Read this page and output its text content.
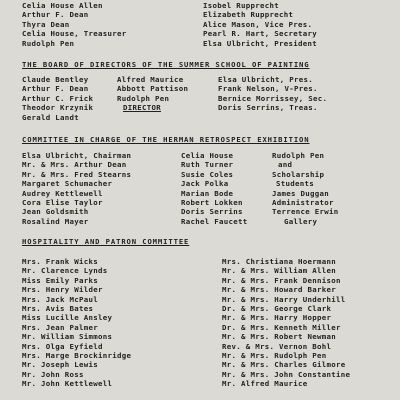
Celia House Allen
Arthur F. Dean
Thyra Dean
Celia House, Treasurer
Rudolph Pen
Isobel Rupprecht
Elizabeth Rupprecht
Alice Mason, Vice Pres.
Pearl R. Hart, Secretary
Elsa Ulbricht, President
THE BOARD OF DIRECTORS OF THE SUMMER SCHOOL OF PAINTING
Claude Bentley
Arthur F. Dean
Arthur C. Frick
Theodor Krzynik
Gerald Landt
Alfred Maurice
Abbott Pattison
Rudolph Pen
DIRECTOR
Elsa Ulbricht, Pres.
Frank Nelson, V-Pres.
Bernice Morrissey, Sec.
Doris Serrins, Treas.
COMMITTEE IN CHARGE OF THE HERMAN RETROSPECT EXHIBITION
Elsa Ulbricht, Chairman
Mr. & Mrs. Arthur Dean
Mr. & Mrs. Fred Stearns
Margaret Schumacher
Audrey Kettlewell
Cora Elise Taylor
Jean Goldsmith
Rosalind Mayer
Celia House
Ruth Turner
Susie Coles
Jack Polka
Marian Bode
Robert Lokken
Doris Serrins
Rachel Faucett
Rudolph Pen
and
Scholarship
Students
James Duggan
Administrator
Terrence Erwin
Gallery
HOSPITALITY AND PATRON COMMITTEE
Mrs. Frank Wicks
Mr. Clarence Lynds
Miss Emily Parks
Mrs. Henry Wilder
Mrs. Jack McPaul
Mrs. Avis Bates
Miss Lucille Ansley
Mrs. Jean Palmer
Mr. William Simmons
Mrs. Olga Eyfield
Mrs. Marge Brockinridge
Mr. Joseph Lewis
Mr. John Ross
Mr. John Kettlewell
Mrs. Christiana Hoermann
Mr. & Mrs. William Allen
Mr. & Mrs. Frank Dennison
Mr. & Mrs. Howard Barker
Mr. & Mrs. Harry Underhill
Dr. & Mrs. George Clark
Mr. & Mrs. Harry Hopper
Dr. & Mrs. Kenneth Miller
Mr. & Mrs. Robert Newman
Rev. & Mrs. Vernon Bohl
Mr. & Mrs. Rudolph Pen
Mr. & Mrs. Charles Gilmore
Mr. & Mrs. John Constantine
Mr. Alfred Maurice
